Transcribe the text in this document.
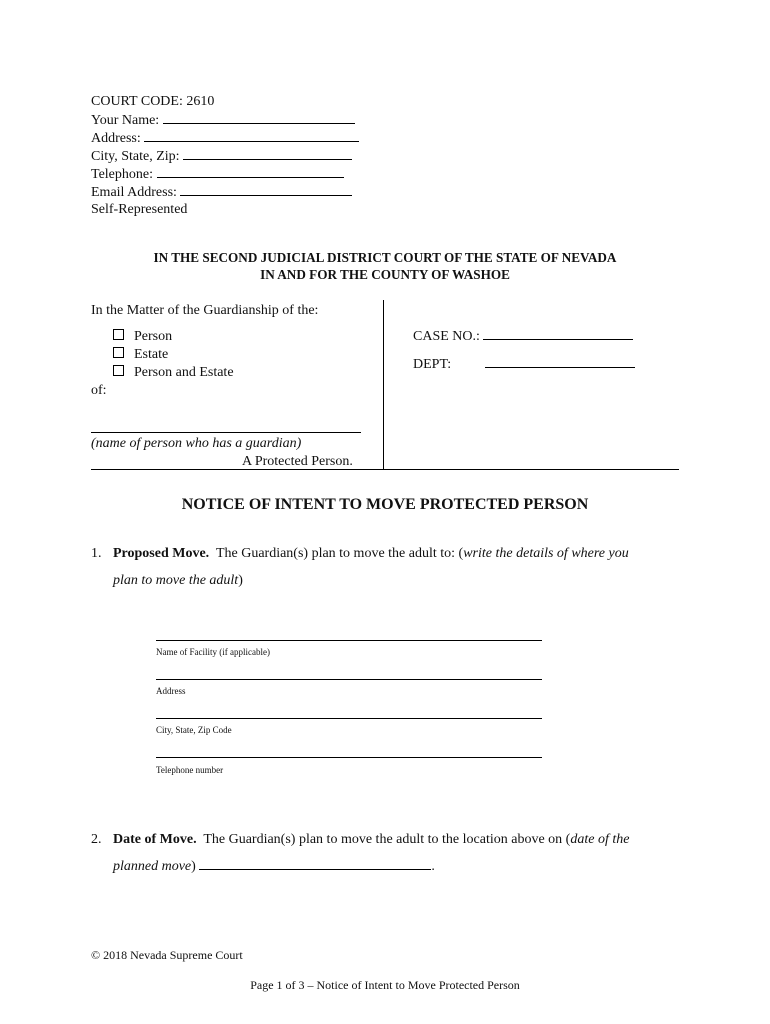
COURT CODE: 2610
Your Name:
Address:
City, State, Zip:
Telephone:
Email Address:
Self-Represented
IN THE SECOND JUDICIAL DISTRICT COURT OF THE STATE OF NEVADA
IN AND FOR THE COUNTY OF WASHOE
In the Matter of the Guardianship of the:
Person
Estate
Person and Estate
of:
(name of person who has a guardian)
A Protected Person.
CASE NO.:
DEPT:
NOTICE OF INTENT TO MOVE PROTECTED PERSON
1. Proposed Move. The Guardian(s) plan to move the adult to: (write the details of where you
plan to move the adult)
Name of Facility (if applicable)
Address
City, State, Zip Code
Telephone number
2. Date of Move. The Guardian(s) plan to move the adult to the location above on (date of the
planned move)	.
© 2018 Nevada Supreme Court
Page 1 of 3 – Notice of Intent to Move Protected Person
